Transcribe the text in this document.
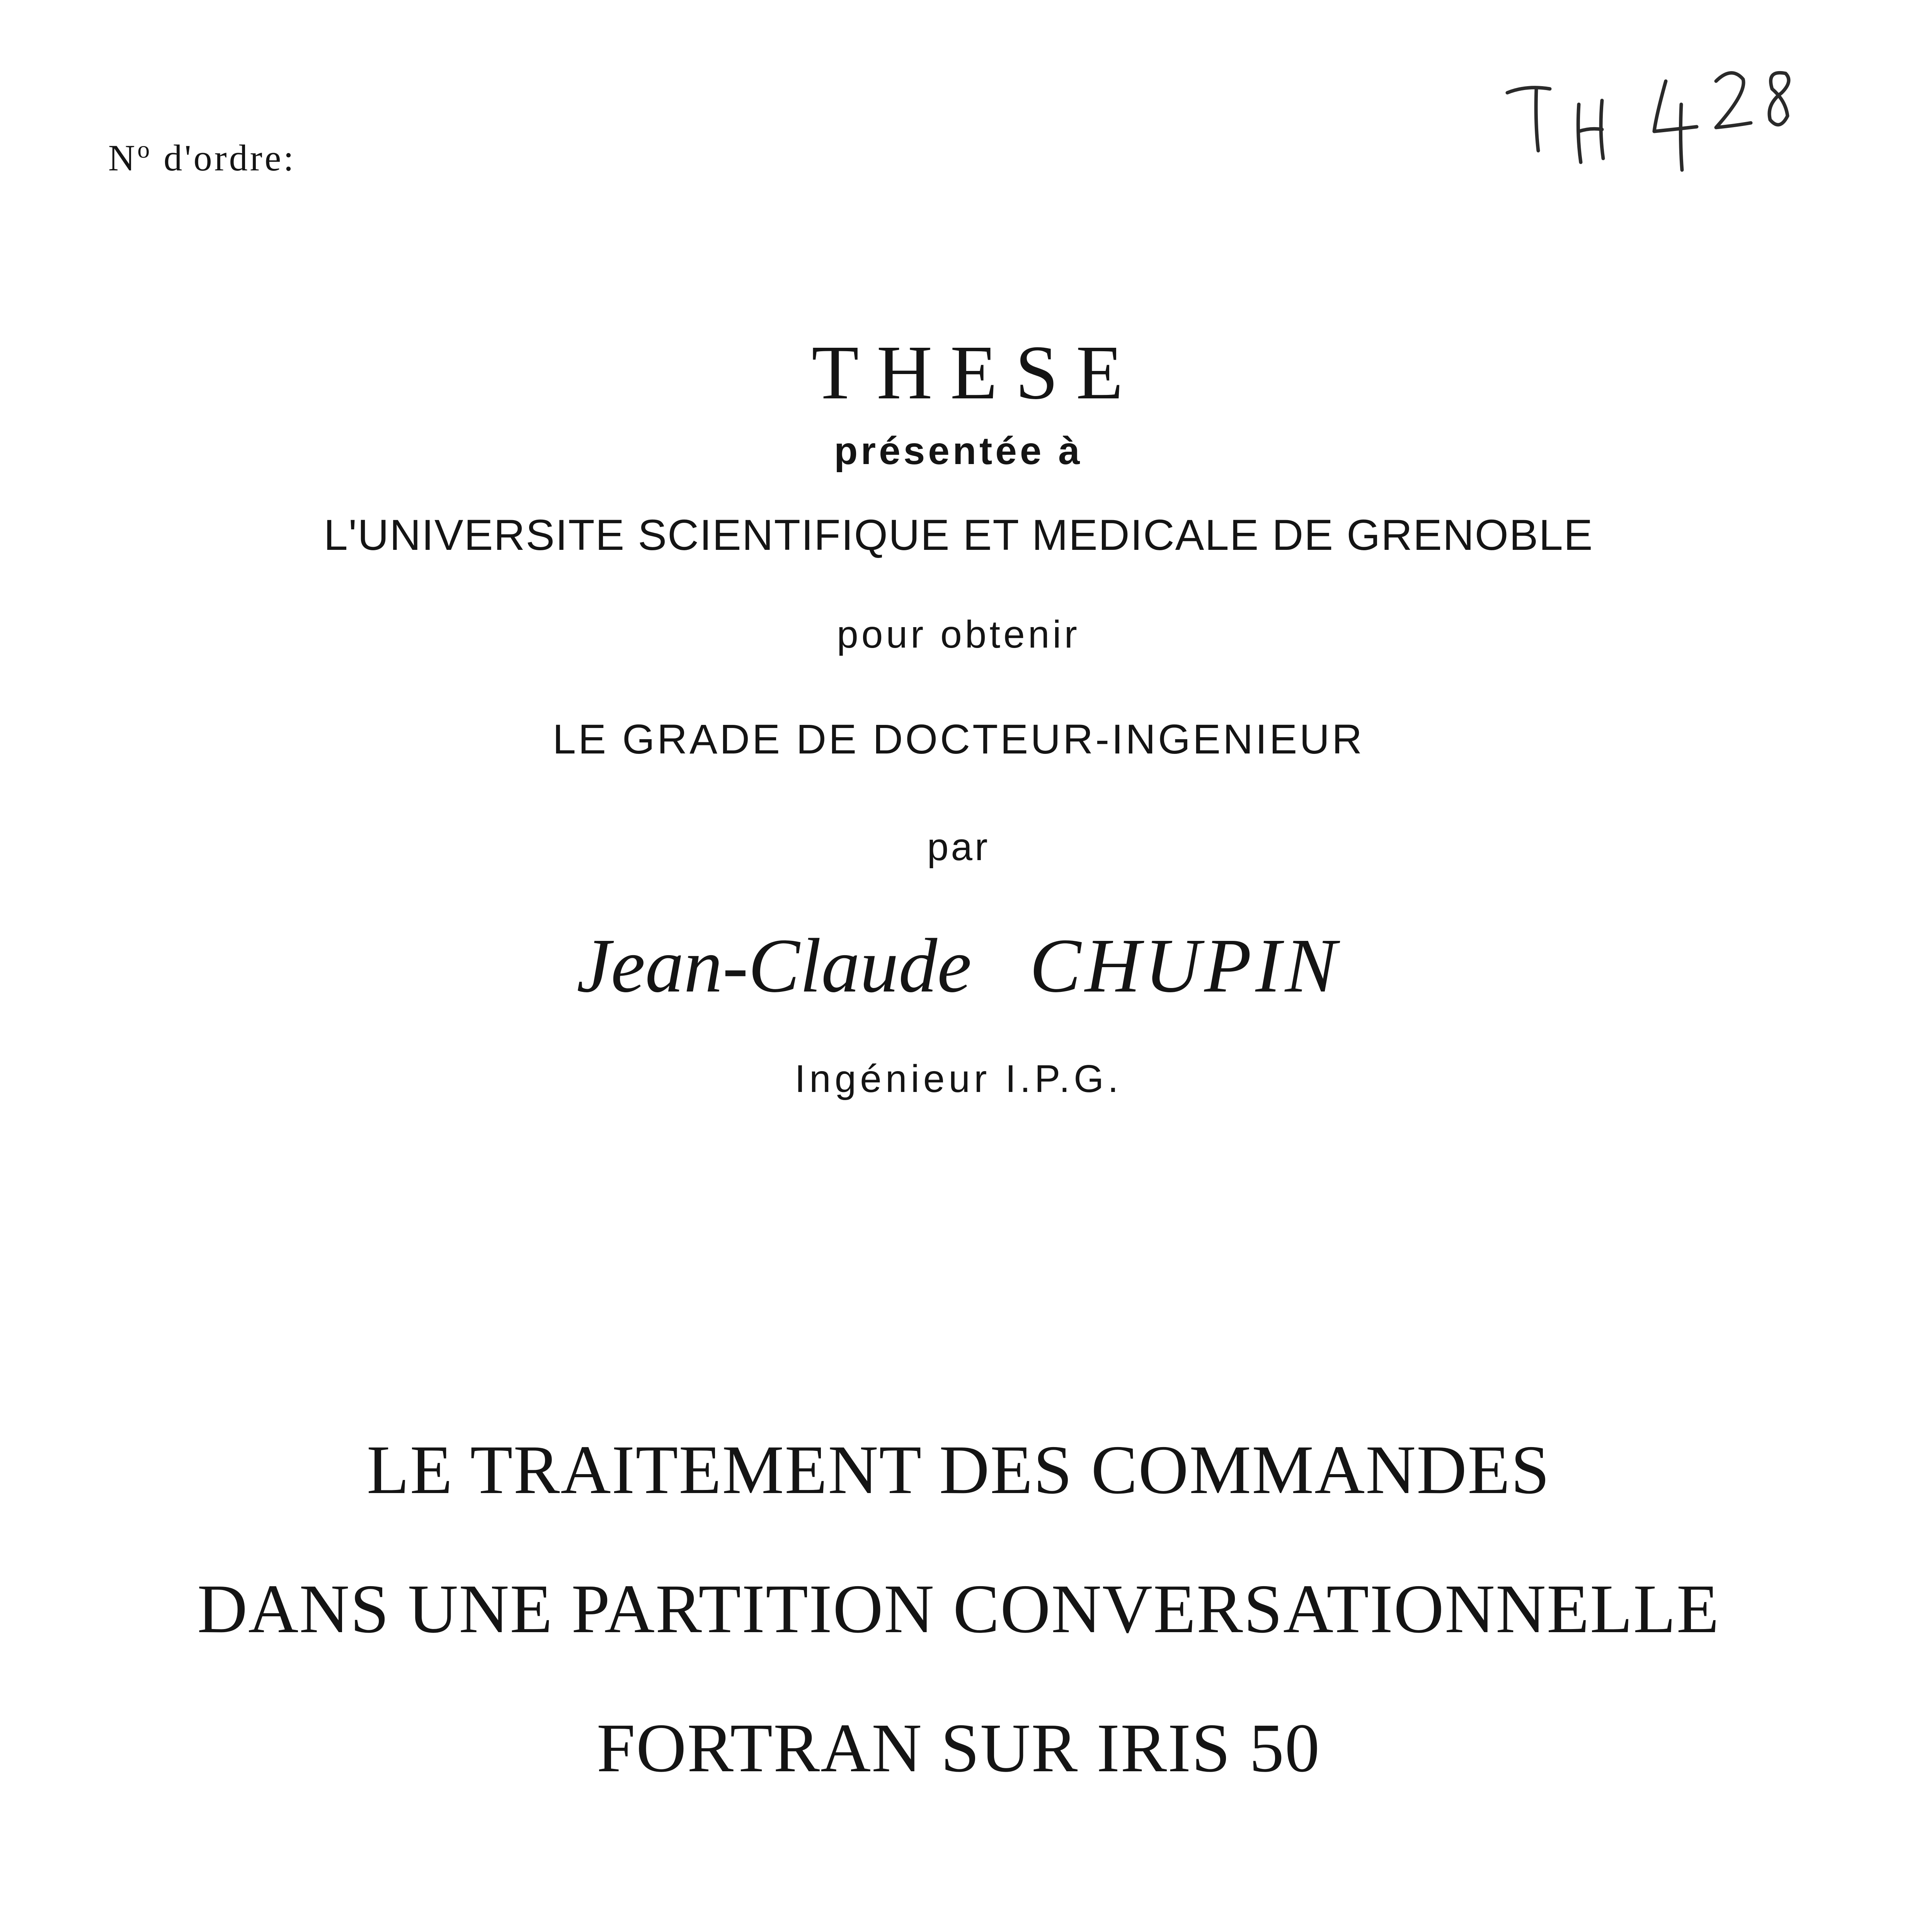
$N^o$ d'ordre:
THESE
présentée à
L'UNIVERSITE SCIENTIFIQUE ET MEDICALE DE GRENOBLE
pour obtenir
LE GRADE DE DOCTEUR-INGENIEUR
par
Jean-Claude CHUPIN
Ingénieur I.P.G.
LE TRAITEMENT DES COMMANDES
DANS UNE PARTITION CONVERSATIONNELLE
FORTRAN SUR IRIS 50
